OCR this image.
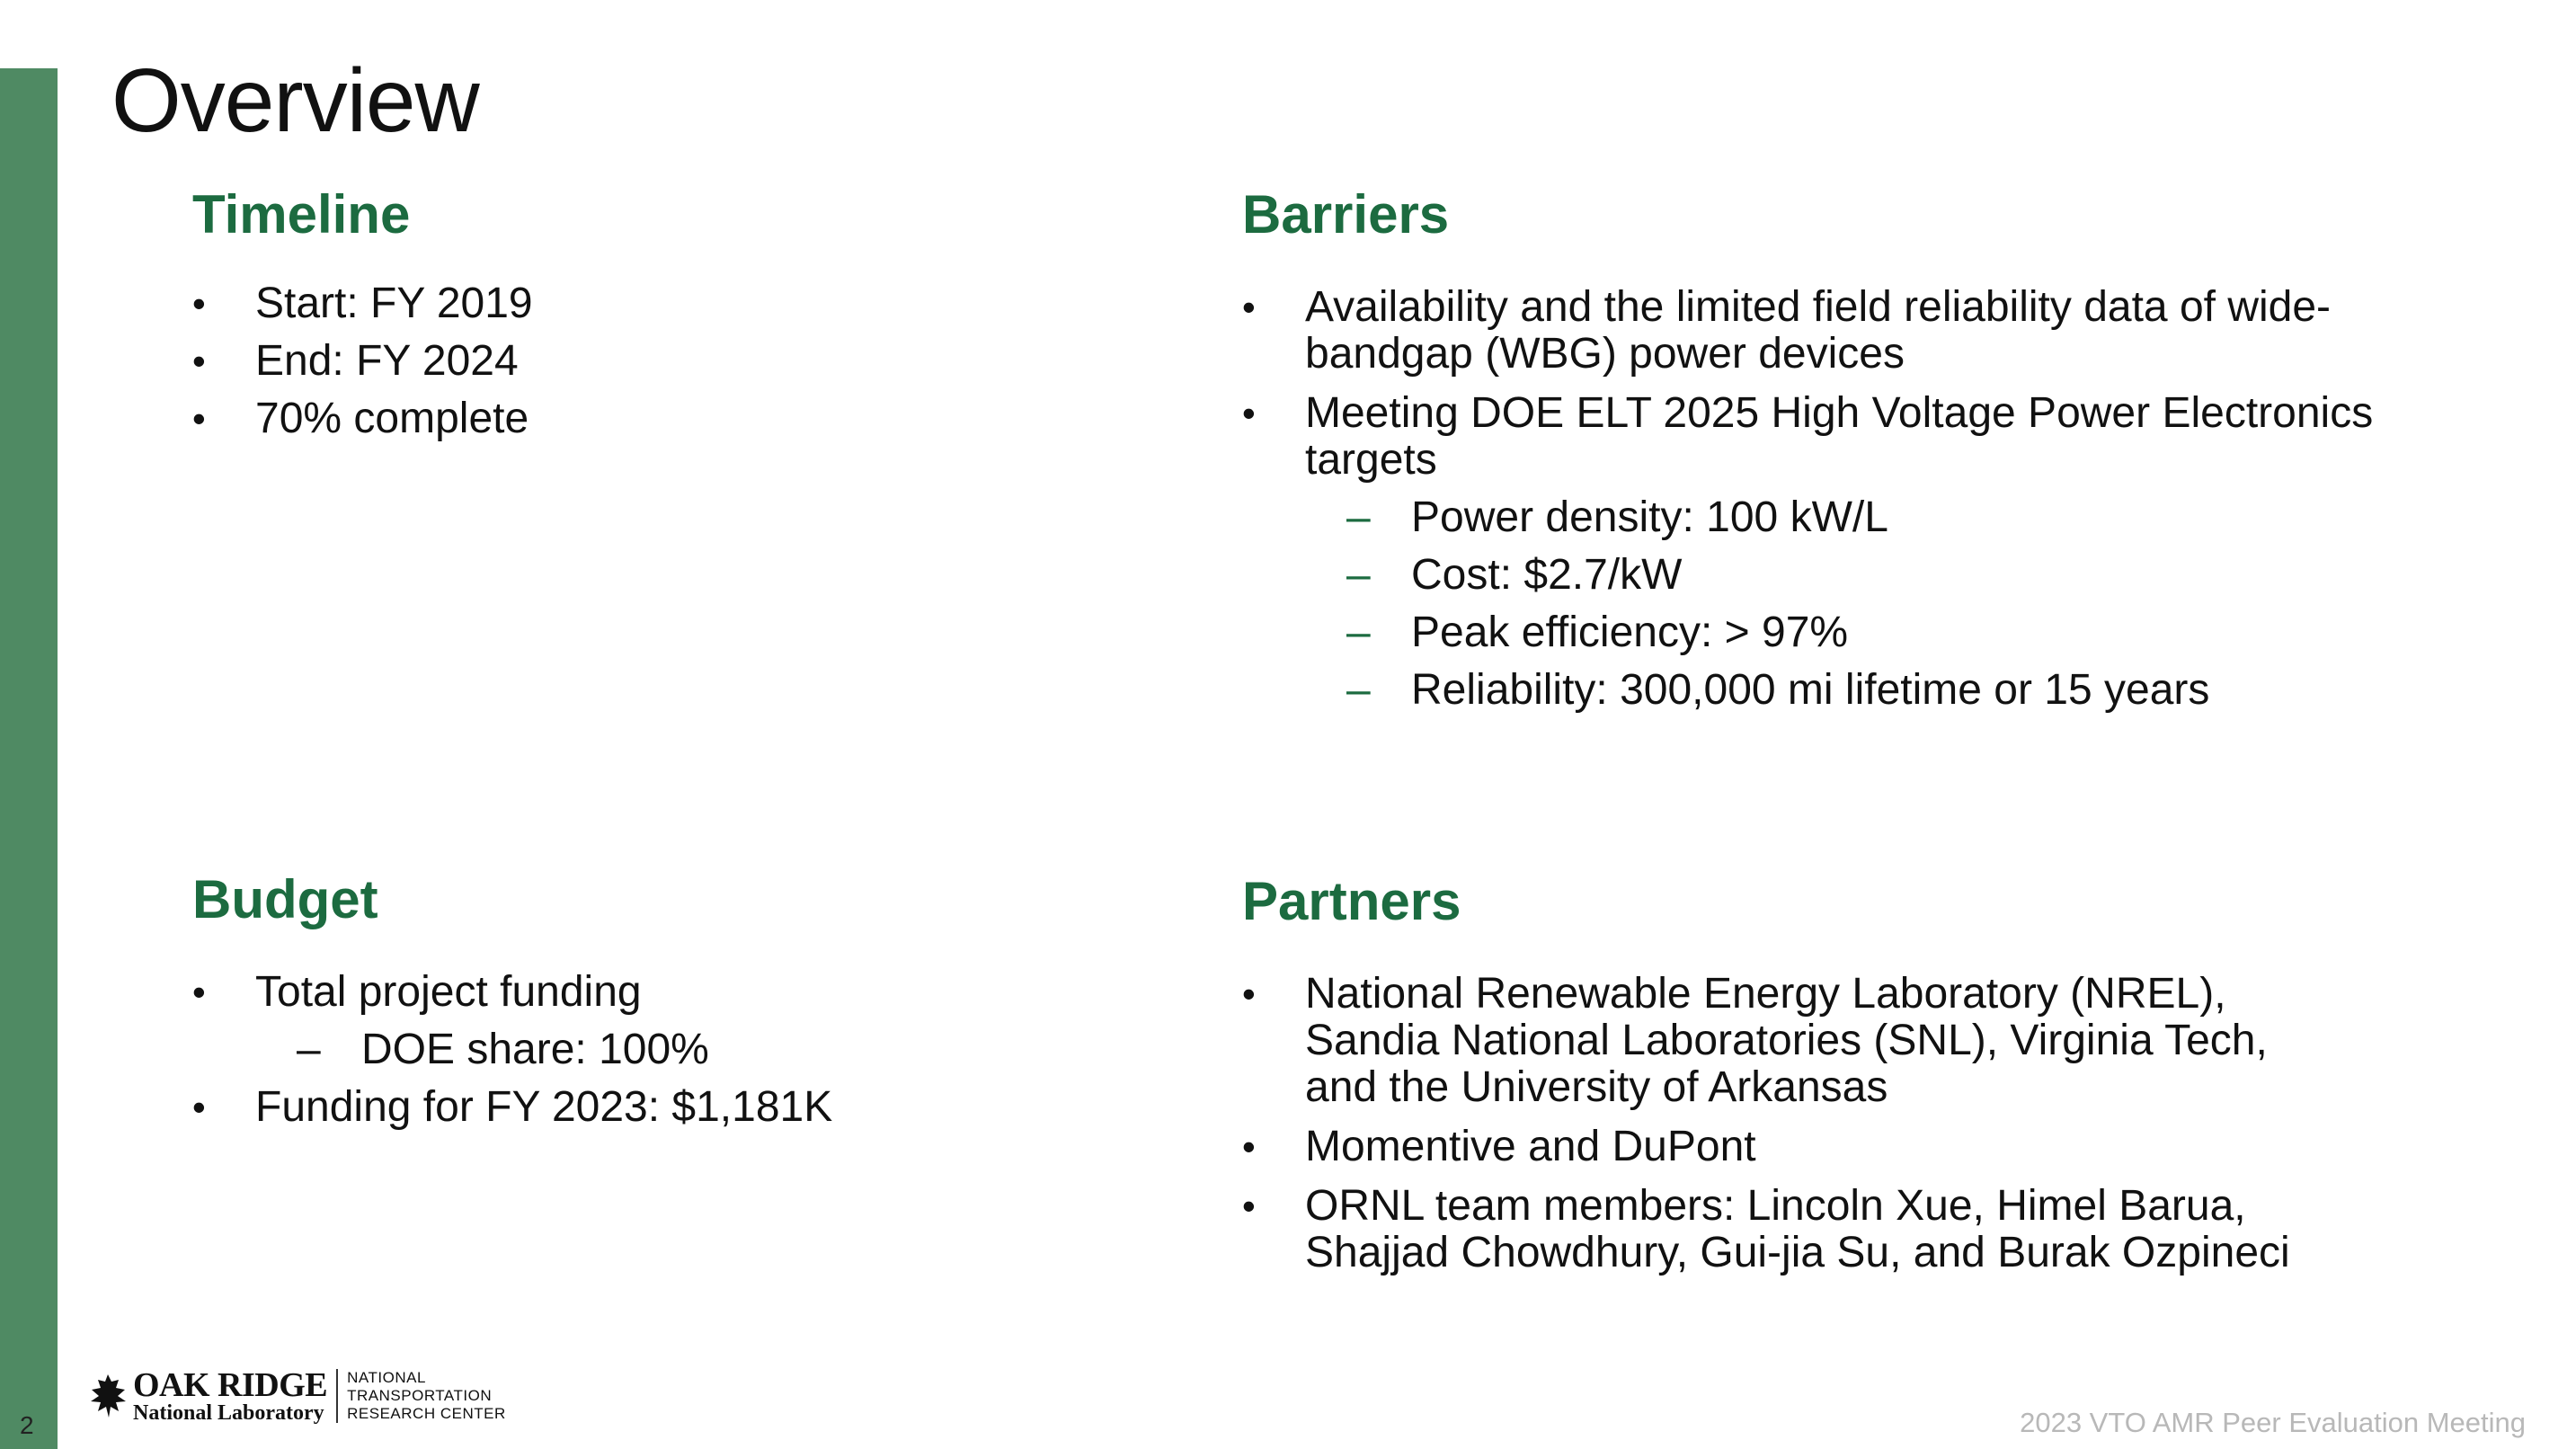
Overview
Timeline
• Start: FY 2019
• End: FY 2024
• 70% complete
Barriers
• Availability and the limited field reliability data of wide-
bandgap (WBG) power devices
• Meeting DOE ELT 2025 High Voltage Power Electronics
targets
– Power density: 100 kW/L
– Cost: $2.7/kW
– Peak efficiency: > 97%
– Reliability: 300,000 mi lifetime or 15 years
Budget
• Total project funding
– DOE share: 100%
• Funding for FY 2023: $1,181K
Partners
• National Renewable Energy Laboratory (NREL),
Sandia National Laboratories (SNL), Virginia Tech,
and the University of Arkansas
• Momentive and DuPont
• ORNL team members: Lincoln Xue, Himel Barua,
Shajjad Chowdhury, Gui-jia Su, and Burak Ozpineci
2
OAK RIDGE
National Laboratory
NATIONAL
TRANSPORTATION
RESEARCH CENTER	2023 VTO AMR Peer Evaluation Meeting
